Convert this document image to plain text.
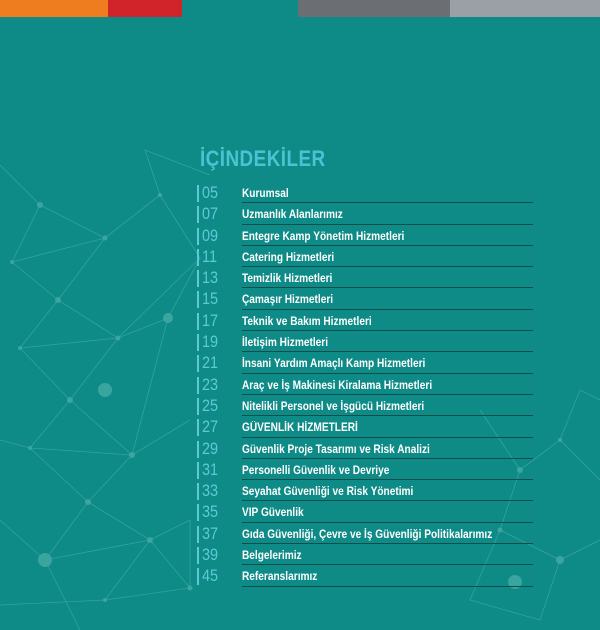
İÇİNDEKİLER
05 Kurumsal
07 Uzmanlık Alanlarımız
09 Entegre Kamp Yönetim Hizmetleri
11 Catering Hizmetleri
13 Temizlik Hizmetleri
15 Çamaşır Hizmetleri
17 Teknik ve Bakım Hizmetleri
19 İletişim Hizmetleri
21 İnsani Yardım Amaçlı Kamp Hizmetleri
23 Araç ve İş Makinesi Kiralama Hizmetleri
25 Nitelikli Personel ve İşgücü Hizmetleri
27 GÜVENLİK HİZMETLERİ
29 Güvenlik Proje Tasarımı ve Risk Analizi
31 Personelli Güvenlik ve Devriye
33 Seyahat Güvenliği ve Risk Yönetimi
35 VIP Güvenlik
37 Gıda Güvenliği, Çevre ve İş Güvenliği Politikalarımız
39 Belgelerimiz
45 Referanslarımız
